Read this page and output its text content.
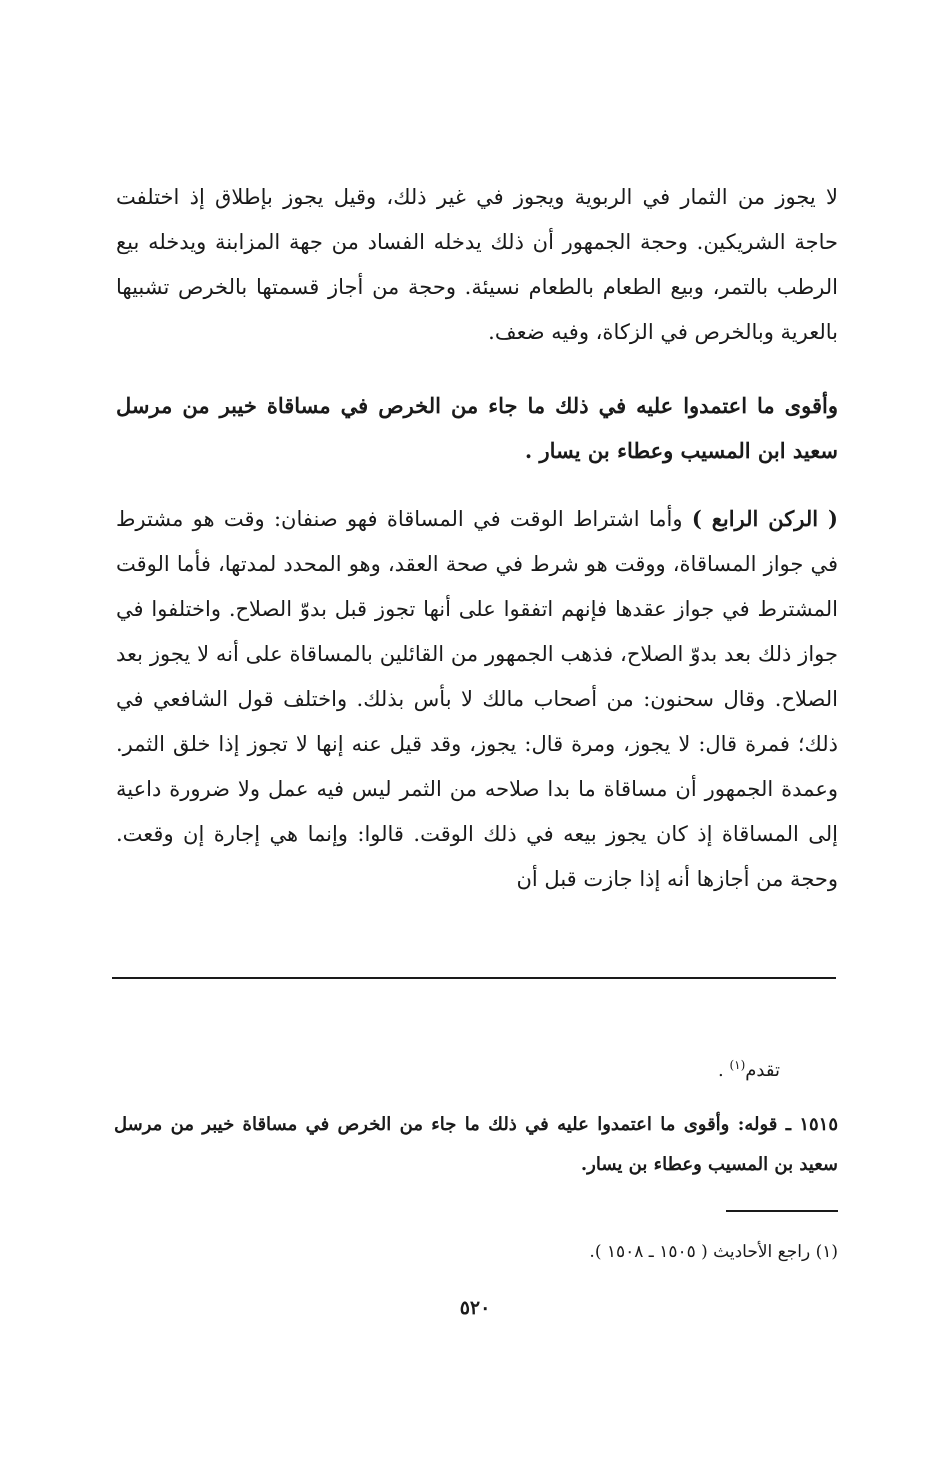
لا يجوز من الثمار في الربوية ويجوز في غير ذلك، وقيل يجوز بإطلاق إذ اختلفت حاجة الشريكين. وحجة الجمهور أن ذلك يدخله الفساد من جهة المزابنة ويدخله بيع الرطب بالتمر، وبيع الطعام بالطعام نسيئة. وحجة من أجاز قسمتها بالخرص تشبيها بالعرية وبالخرص في الزكاة، وفيه ضعف.
وأقوى ما اعتمدوا عليه في ذلك ما جاء من الخرص في مساقاة خيبر من مرسل سعيد ابن المسيب وعطاء بن يسار .
( الركن الرابع ) وأما اشتراط الوقت في المساقاة فهو صنفان: وقت هو مشترط في جواز المساقاة، ووقت هو شرط في صحة العقد، وهو المحدد لمدتها، فأما الوقت المشترط في جواز عقدها فإنهم اتفقوا على أنها تجوز قبل بدوّ الصلاح. واختلفوا في جواز ذلك بعد بدوّ الصلاح، فذهب الجمهور من القائلين بالمساقاة على أنه لا يجوز بعد الصلاح. وقال سحنون: من أصحاب مالك لا بأس بذلك. واختلف قول الشافعي في ذلك؛ فمرة قال: لا يجوز، ومرة قال: يجوز، وقد قيل عنه إنها لا تجوز إذا خلق الثمر. وعمدة الجمهور أن مساقاة ما بدا صلاحه من الثمر ليس فيه عمل ولا ضرورة داعية إلى المساقاة إذ كان يجوز بيعه في ذلك الوقت. قالوا: وإنما هي إجارة إن وقعت. وحجة من أجازها أنه إذا جازت قبل أن
تقدم$^{(١)}$ .
١٥١٥ ـ قوله: وأقوى ما اعتمدوا عليه في ذلك ما جاء من الخرص في مساقاة خيبر من مرسل سعيد بن المسيب وعطاء بن يسار.
(١) راجع الأحاديث ( ١٥٠٥ ـ ١٥٠٨ ).
٥٢٠
